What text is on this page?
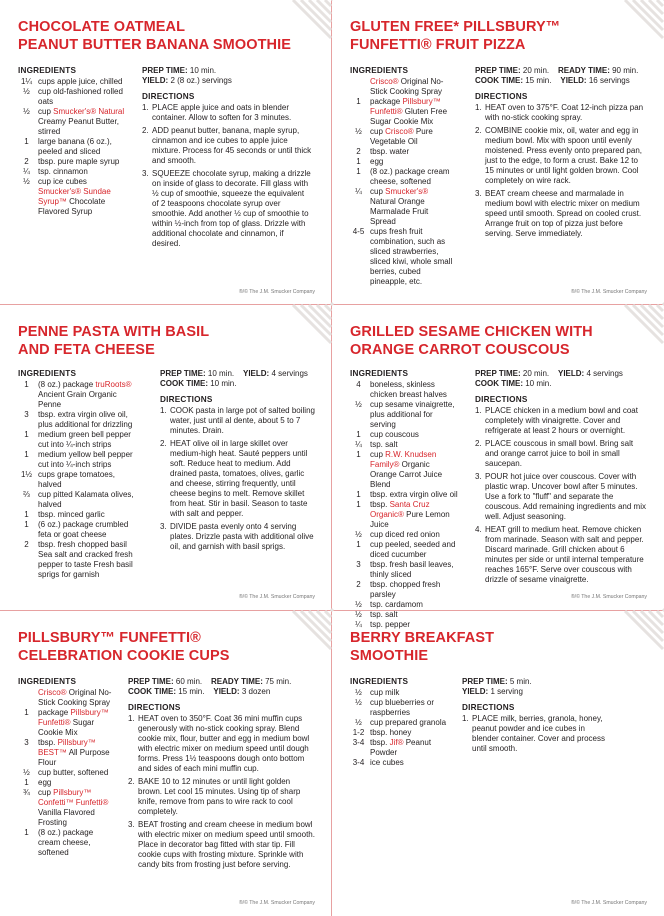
CHOCOLATE OATMEAL
PEANUT BUTTER BANANA SMOOTHIE
INGREDIENTS
1¼ cups apple juice, chilled
½	cup old-fashioned rolled oats
½	cup Smucker's® Natural Creamy Peanut Butter, stirred
1	large banana (6 oz.), peeled and sliced
2	tbsp. pure maple syrup
¼	tsp. cinnamon
½	cup ice cubes
Smucker's® Sundae Syrup™ Chocolate Flavored Syrup
PREP TIME: 10 min.
YIELD: 2 (8 oz.) servings
DIRECTIONS
1. PLACE apple juice and oats in blender container. Allow to soften for 3 minutes.
2. ADD peanut butter, banana, maple syrup, cinnamon and ice cubes to apple juice mixture. Process for 45 seconds or until thick and smooth.
3. SQUEEZE chocolate syrup, making a drizzle on inside of glass to decorate. Fill glass with ½ cup of smoothie, squeeze the equivalent of 2 teaspoons chocolate syrup over smoothie. Add another ½ cup of smoothie to within ½-inch from top of glass. Drizzle with additional chocolate and cinnamon, if desired.
®/© The J.M. Smucker Company
GLUTEN FREE* PILLSBURY™
FUNFETTI® FRUIT PIZZA
INGREDIENTS
Crisco® Original No-Stick Cooking Spray
1	package Pillsbury™ Funfetti® Gluten Free Sugar Cookie Mix
½	cup Crisco® Pure Vegetable Oil
2	tbsp. water
1	egg
1	(8 oz.) package cream cheese, softened
¼	cup Smucker's® Natural Orange Marmalade Fruit Spread
4-5 cups fresh fruit combination, such as sliced strawberries, sliced kiwi, whole small berries, cubed pineapple, etc.
PREP TIME: 20 min. READY TIME: 90 min.
COOK TIME: 15 min. YIELD: 16 servings
DIRECTIONS
1. HEAT oven to 375°F. Coat 12-inch pizza pan with no-stick cooking spray.
2. COMBINE cookie mix, oil, water and egg in medium bowl. Mix with spoon until evenly moistened. Press evenly onto prepared pan, just to the edge, to form a crust. Bake 12 to 15 minutes or until light golden brown. Cool completely on wire rack.
3. BEAT cream cheese and marmalade in medium bowl with electric mixer on medium speed until smooth. Spread on cooled crust. Arrange fruit on top of pizza just before serving. Serve immediately.
®/© The J.M. Smucker Company
PENNE PASTA WITH BASIL
AND FETA CHEESE
INGREDIENTS
1	(8 oz.) package truRoots® Ancient Grain Organic Penne
3	tbsp. extra virgin olive oil, plus additional for drizzling
1	medium green bell pepper cut into ¼-inch strips
1	medium yellow bell pepper cut into ¼-inch strips
1½ cups grape tomatoes, halved
⅔	cup pitted Kalamata olives, halved
1	tbsp. minced garlic
1	(6 oz.) package crumbled feta or goat cheese
2	tbsp. fresh chopped basil Sea salt and cracked fresh pepper to taste Fresh basil sprigs for garnish
PREP TIME: 10 min. YIELD: 4 servings
COOK TIME: 10 min.
DIRECTIONS
1. COOK pasta in large pot of salted boiling water, just until al dente, about 5 to 7 minutes. Drain.
2. HEAT olive oil in large skillet over medium-high heat. Sauté peppers until soft. Reduce heat to medium. Add drained pasta, tomatoes, olives, garlic and cheese, stirring frequently, until cheese begins to melt. Remove skillet from heat. Stir in basil. Season to taste with salt and pepper.
3. DIVIDE pasta evenly onto 4 serving plates. Drizzle pasta with additional olive oil, and garnish with basil sprigs.
®/© The J.M. Smucker Company
GRILLED SESAME CHICKEN WITH
ORANGE CARROT COUSCOUS
INGREDIENTS
4	boneless, skinless chicken breast halves
½	cup sesame vinaigrette, plus additional for serving
1	cup couscous
¼	tsp. salt
1	cup R.W. Knudsen Family® Organic Orange Carrot Juice Blend
1	tbsp. extra virgin olive oil
1	tbsp. Santa Cruz Organic® Pure Lemon Juice
½	cup diced red onion
1	cup peeled, seeded and diced cucumber
3	tbsp. fresh basil leaves, thinly sliced
2	tbsp. chopped fresh parsley
½	tsp. cardamom
½	tsp. salt
¼	tsp. pepper
PREP TIME: 20 min. YIELD: 4 servings
COOK TIME: 10 min.
DIRECTIONS
1. PLACE chicken in a medium bowl and coat completely with vinaigrette. Cover and refrigerate at least 2 hours or overnight.
2. PLACE couscous in small bowl. Bring salt and orange carrot juice to boil in small saucepan.
3. POUR hot juice over couscous. Cover with plastic wrap. Uncover bowl after 5 minutes. Use a fork to "fluff" and separate the couscous. Add remaining ingredients and mix well. Adjust seasoning.
4. HEAT grill to medium heat. Remove chicken from marinade. Season with salt and pepper. Discard marinade. Grill chicken about 6 minutes per side or until internal temperature reaches 165°F. Serve over couscous with drizzle of sesame vinaigrette.
®/© The J.M. Smucker Company
PILLSBURY™ FUNFETTI®
CELEBRATION COOKIE CUPS
INGREDIENTS
Crisco® Original No-Stick Cooking Spray
1	package Pillsbury™ Funfetti® Sugar Cookie Mix
3	tbsp. Pillsbury™ BEST™ All Purpose Flour
½	cup butter, softened
1	egg
¾	cup Pillsbury™ Confetti™ Funfetti® Vanilla Flavored Frosting
1	(8 oz.) package cream cheese, softened
PREP TIME: 60 min. READY TIME: 75 min.
COOK TIME: 15 min. YIELD: 3 dozen
DIRECTIONS
1. HEAT oven to 350°F. Coat 36 mini muffin cups generously with no-stick cooking spray. Blend cookie mix, flour, butter and egg in medium bowl with electric mixer on medium speed until dough forms. Press 1½ teaspoons dough onto bottom and sides of each mini muffin cup.
2. BAKE 10 to 12 minutes or until light golden brown. Let cool 15 minutes. Using tip of sharp knife, remove from pans to wire rack to cool completely.
3. BEAT frosting and cream cheese in medium bowl with electric mixer on medium speed until smooth. Place in decorator bag fitted with star tip. Fill cookie cups with frosting mixture. Sprinkle with candy bits from frosting just before serving.
®/© The J.M. Smucker Company
BERRY BREAKFAST
SMOOTHIE
INGREDIENTS
½	cup milk
½	cup blueberries or raspberries
½	cup prepared granola
1-2 tbsp. honey
3-4 tbsp. Jif® Peanut Powder
3-4 ice cubes
PREP TIME: 5 min.
YIELD: 1 serving
DIRECTIONS
1. PLACE milk, berries, granola, honey, peanut powder and ice cubes in blender container. Cover and process until smooth.
®/© The J.M. Smucker Company
